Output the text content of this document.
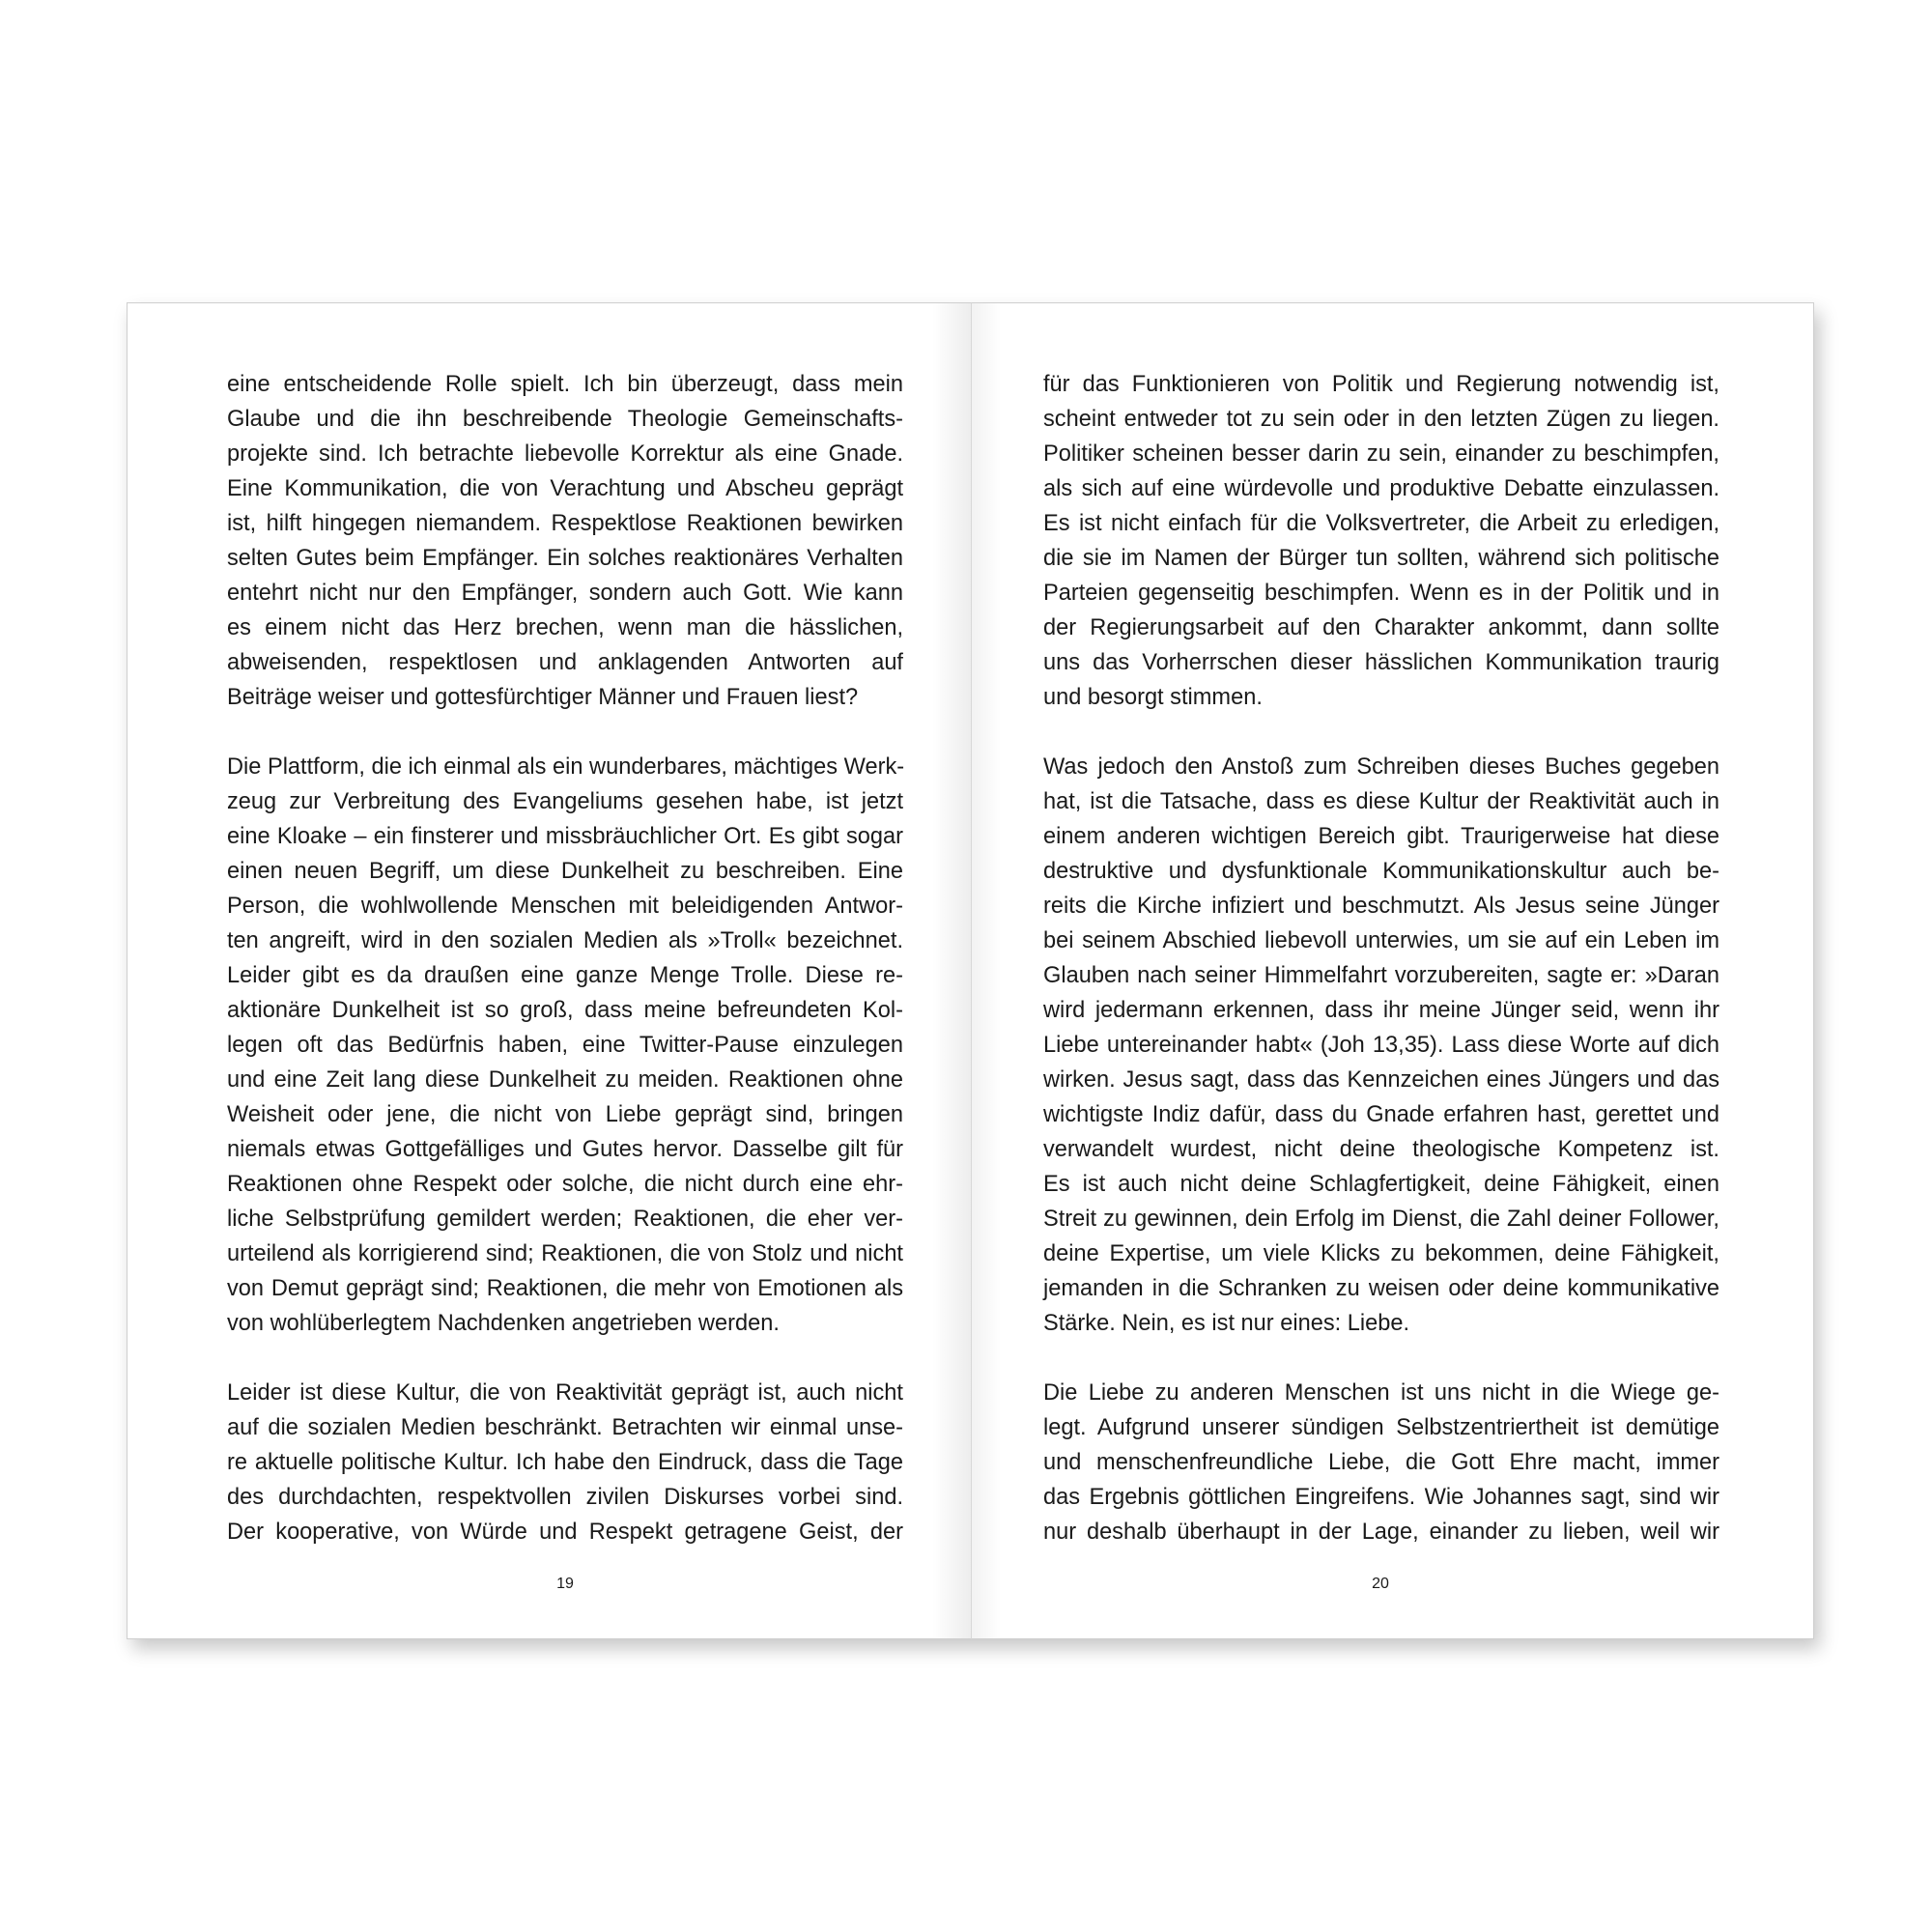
eine entscheidende Rolle spielt. Ich bin überzeugt, dass mein
Glaube und die ihn beschreibende Theologie Gemeinschafts-
projekte sind. Ich betrachte liebevolle Korrektur als eine Gnade.
Eine Kommunikation, die von Verachtung und Abscheu geprägt
ist, hilft hingegen niemandem. Respektlose Reaktionen bewirken
selten Gutes beim Empfänger. Ein solches reaktionäres Verhalten
entehrt nicht nur den Empfänger, sondern auch Gott. Wie kann
es einem nicht das Herz brechen, wenn man die hässlichen,
abweisenden, respektlosen und anklagenden Antworten auf
Beiträge weiser und gottesfürchtiger Männer und Frauen liest?
Die Plattform, die ich einmal als ein wunderbares, mächtiges Werk-
zeug zur Verbreitung des Evangeliums gesehen habe, ist jetzt
eine Kloake – ein finsterer und missbräuchlicher Ort. Es gibt sogar
einen neuen Begriff, um diese Dunkelheit zu beschreiben. Eine
Person, die wohlwollende Menschen mit beleidigenden Antwor-
ten angreift, wird in den sozialen Medien als »Troll« bezeichnet.
Leider gibt es da draußen eine ganze Menge Trolle. Diese re-
aktionäre Dunkelheit ist so groß, dass meine befreundeten Kol-
legen oft das Bedürfnis haben, eine Twitter-Pause einzulegen
und eine Zeit lang diese Dunkelheit zu meiden. Reaktionen ohne
Weisheit oder jene, die nicht von Liebe geprägt sind, bringen
niemals etwas Gottgefälliges und Gutes hervor. Dasselbe gilt für
Reaktionen ohne Respekt oder solche, die nicht durch eine ehr-
liche Selbstprüfung gemildert werden; Reaktionen, die eher ver-
urteilend als korrigierend sind; Reaktionen, die von Stolz und nicht
von Demut geprägt sind; Reaktionen, die mehr von Emotionen als
von wohlüberlegtem Nachdenken angetrieben werden.
Leider ist diese Kultur, die von Reaktivität geprägt ist, auch nicht
auf die sozialen Medien beschränkt. Betrachten wir einmal unse-
re aktuelle politische Kultur. Ich habe den Eindruck, dass die Tage
des durchdachten, respektvollen zivilen Diskurses vorbei sind.
Der kooperative, von Würde und Respekt getragene Geist, der
19
für das Funktionieren von Politik und Regierung notwendig ist,
scheint entweder tot zu sein oder in den letzten Zügen zu liegen.
Politiker scheinen besser darin zu sein, einander zu beschimpfen,
als sich auf eine würdevolle und produktive Debatte einzulassen.
Es ist nicht einfach für die Volksvertreter, die Arbeit zu erledigen,
die sie im Namen der Bürger tun sollten, während sich politische
Parteien gegenseitig beschimpfen. Wenn es in der Politik und in
der Regierungsarbeit auf den Charakter ankommt, dann sollte
uns das Vorherrschen dieser hässlichen Kommunikation traurig
und besorgt stimmen.
Was jedoch den Anstoß zum Schreiben dieses Buches gegeben
hat, ist die Tatsache, dass es diese Kultur der Reaktivität auch in
einem anderen wichtigen Bereich gibt. Traurigerweise hat diese
destruktive und dysfunktionale Kommunikationskultur auch be-
reits die Kirche infiziert und beschmutzt. Als Jesus seine Jünger
bei seinem Abschied liebevoll unterwies, um sie auf ein Leben im
Glauben nach seiner Himmelfahrt vorzubereiten, sagte er: »Daran
wird jedermann erkennen, dass ihr meine Jünger seid, wenn ihr
Liebe untereinander habt« (Joh 13,35). Lass diese Worte auf dich
wirken. Jesus sagt, dass das Kennzeichen eines Jüngers und das
wichtigste Indiz dafür, dass du Gnade erfahren hast, gerettet und
verwandelt wurdest, nicht deine theologische Kompetenz ist.
Es ist auch nicht deine Schlagfertigkeit, deine Fähigkeit, einen
Streit zu gewinnen, dein Erfolg im Dienst, die Zahl deiner Follower,
deine Expertise, um viele Klicks zu bekommen, deine Fähigkeit,
jemanden in die Schranken zu weisen oder deine kommunikative
Stärke. Nein, es ist nur eines: Liebe.
Die Liebe zu anderen Menschen ist uns nicht in die Wiege ge-
legt. Aufgrund unserer sündigen Selbstzentriertheit ist demütige
und menschenfreundliche Liebe, die Gott Ehre macht, immer
das Ergebnis göttlichen Eingreifens. Wie Johannes sagt, sind wir
nur deshalb überhaupt in der Lage, einander zu lieben, weil wir
20
